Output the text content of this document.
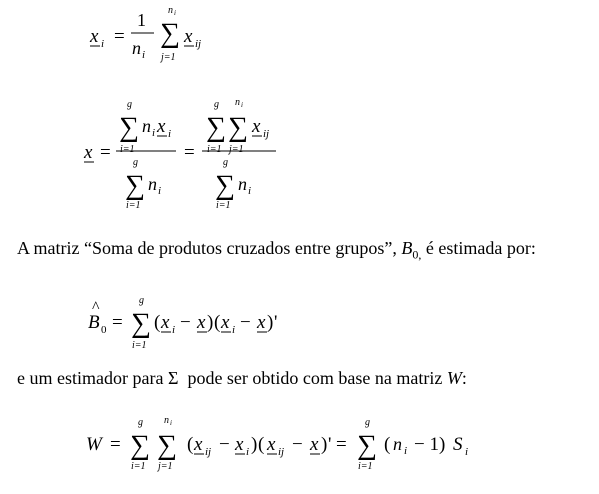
x i =
1
n i
n i
∑
j=1
x ij
x =
g
∑
i=1
n i x i
g
∑
i=1
n i
=
g
∑
i=1
n i
∑
j=1
x ij
g
∑
i=1
n i
A matriz “Soma de produtos cruzados entre grupos”, $B_{0,}$ é estimada por:
^
B 0 =
g
∑
i=1
( x i − x ) ( x i − x ) '
e um estimador para Σ  pode ser obtido com base na matriz W:
W =
g
∑
i=1
n i
∑
j=1
( x ij − x i ) ( x ij − x ) ' =
g
∑
i=1
( n i − 1) S i
